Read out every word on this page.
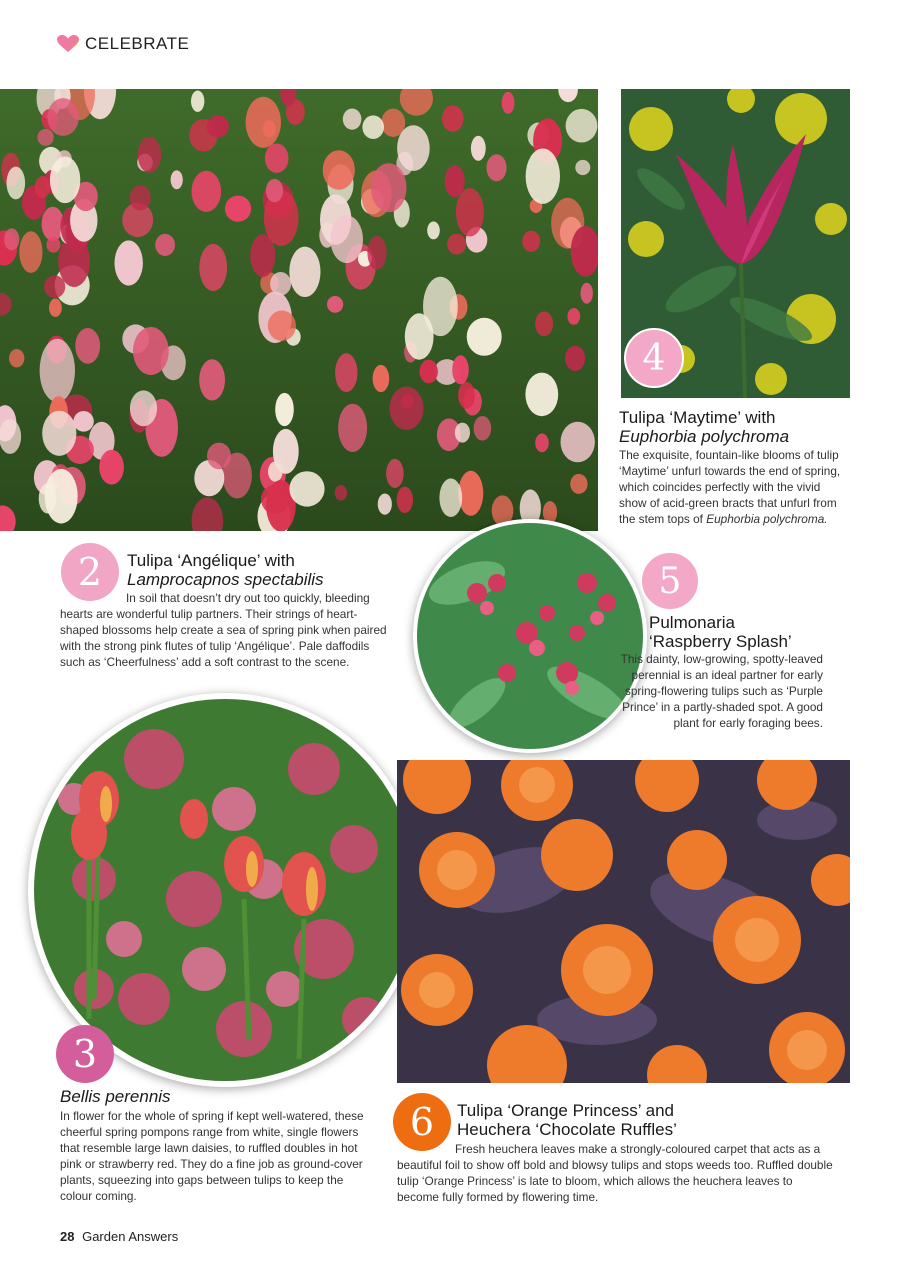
CELEBRATE
4
Tulipa ‘Maytime’ with
Euphorbia polychroma
The exquisite, fountain-like blooms of tulip ‘Maytime’ unfurl towards the end of spring, which coincides perfectly with the vivid show of acid-green bracts that unfurl from the stem tops of Euphorbia polychroma.
2	Tulipa ‘Angélique’ with
Lamprocapnos spectabilis
In soil that doesn’t dry out too quickly, bleeding hearts are wonderful tulip partners. Their strings of heart-shaped blossoms help create a sea of spring pink when paired with the strong pink flutes of tulip ‘Angélique’. Pale daffodils such as ‘Cheerfulness’ add a soft contrast to the scene.
5
Pulmonaria
‘Raspberry Splash’
This dainty, low-growing, spotty-leaved perennial is an ideal partner for early spring-flowering tulips such as ‘Purple Prince’ in a partly-shaded spot. A good plant for early foraging bees.
3
Bellis perennis
In flower for the whole of spring if kept well-watered, these cheerful spring pompons range from white, single flowers that resemble large lawn daisies, to ruffled doubles in hot pink or strawberry red. They do a fine job as ground-cover plants, squeezing into gaps between tulips to keep the colour coming.
6	Tulipa ‘Orange Princess’ and
Heuchera ‘Chocolate Ruffles’
Fresh heuchera leaves make a strongly-coloured carpet that acts as a beautiful foil to show off bold and blowsy tulips and stops weeds too. Ruffled double tulip ‘Orange Princess’ is late to bloom, which allows the heuchera leaves to become fully formed by flowering time.
28 Garden Answers
